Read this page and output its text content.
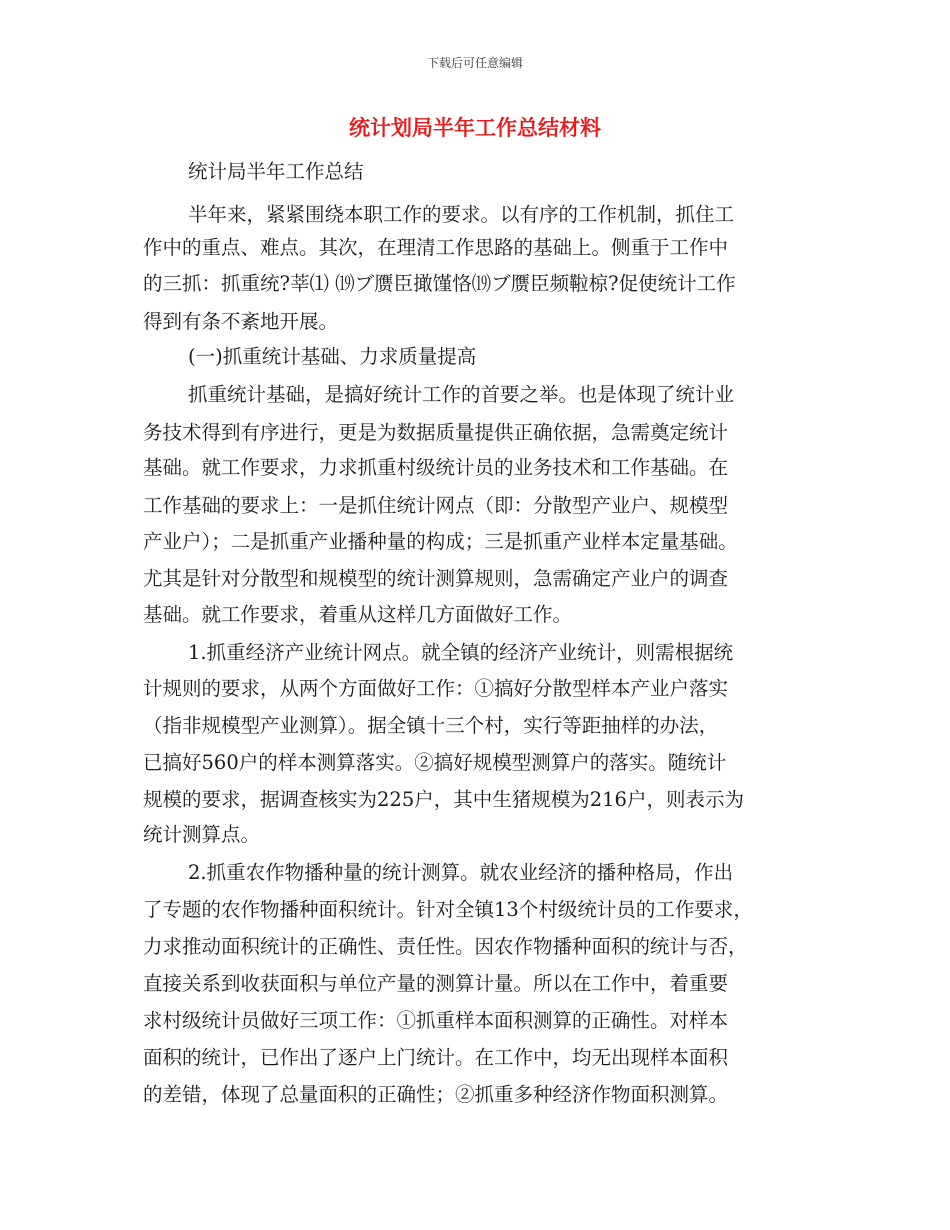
下载后可任意编辑
统计划局半年工作总结材料
统计局半年工作总结
半年来，紧紧围绕本职工作的要求。以有序的工作机制，抓住工
作中的重点、难点。其次，在理清工作思路的基础上。侧重于工作中
的三抓：抓重统?莘⑴ ⒆ブ赝臣撖馑恪⒆ブ赝臣频鞡椋?促使统计工作
得到有条不紊地开展。
(一)抓重统计基础、力求质量提高
抓重统计基础，是搞好统计工作的首要之举。也是体现了统计业
务技术得到有序进行，更是为数据质量提供正确依据，急需奠定统计
基础。就工作要求，力求抓重村级统计员的业务技术和工作基础。在
工作基础的要求上：一是抓住统计网点（即：分散型产业户、规模型
产业户）；二是抓重产业播种量的构成；三是抓重产业样本定量基础。
尤其是针对分散型和规模型的统计测算规则，急需确定产业户的调查
基础。就工作要求，着重从这样几方面做好工作。
1.抓重经济产业统计网点。就全镇的经济产业统计，则需根据统
计规则的要求，从两个方面做好工作：①搞好分散型样本产业户落实
（指非规模型产业测算）。据全镇十三个村，实行等距抽样的办法，
已搞好560户的样本测算落实。②搞好规模型测算户的落实。随统计
规模的要求，据调查核实为225户，其中生猪规模为216户，则表示为
统计测算点。
2.抓重农作物播种量的统计测算。就农业经济的播种格局，作出
了专题的农作物播种面积统计。针对全镇13个村级统计员的工作要求，
力求推动面积统计的正确性、责任性。因农作物播种面积的统计与否，
直接关系到收获面积与单位产量的测算计量。所以在工作中，着重要
求村级统计员做好三项工作：①抓重样本面积测算的正确性。对样本
面积的统计，已作出了逐户上门统计。在工作中，均无出现样本面积
的差错，体现了总量面积的正确性；②抓重多种经济作物面积测算。
